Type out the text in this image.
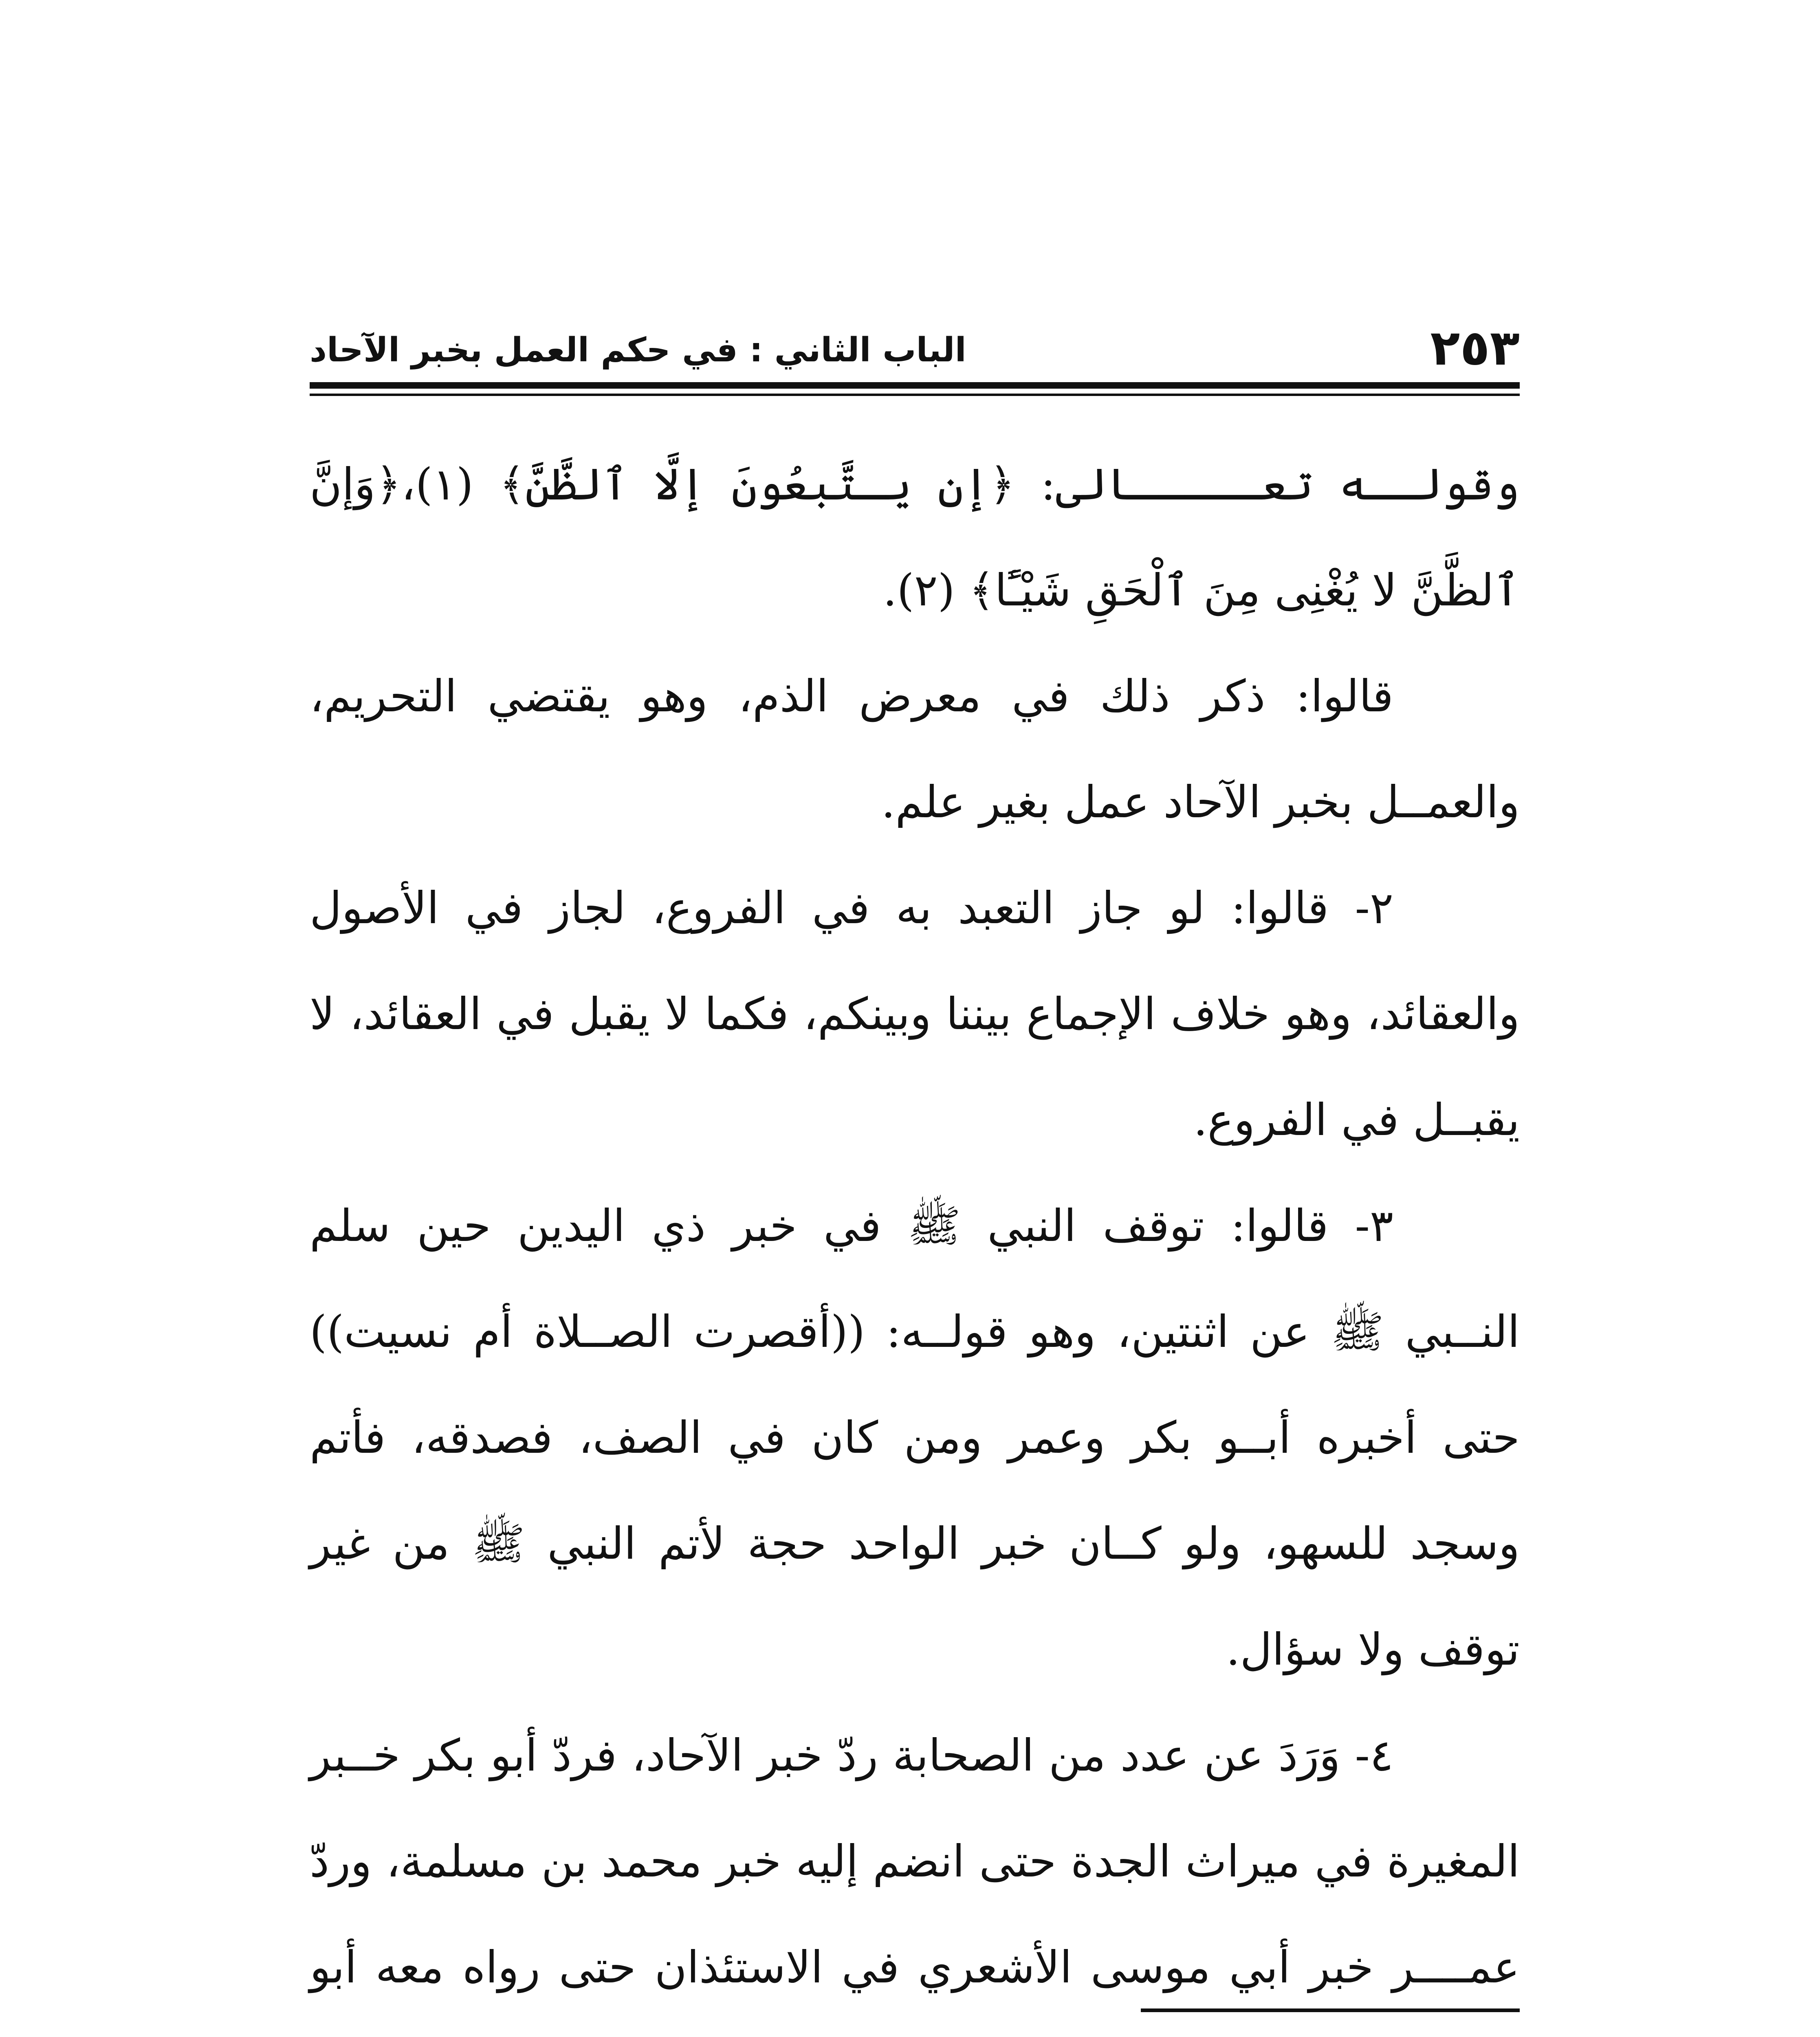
٢٥٣
الباب الثاني : في حكم العمل بخبر الآحاد

وقولــه تعـــــالى: ﴿إن يـتَّبعُونَ إلَّا ٱلظَّنَّ﴾ (١)،﴿وَإنَّ ٱلظَّنَّ لا يُغْنِى مِنَ ٱلْحَقِ شَيْـًٔا﴾ (٢).

قالوا: ذكر ذلك في معرض الذم، وهو يقتضي التحريم، والعمــل بخبر الآحاد عمل بغير علم.

٢- قالوا: لو جاز التعبد به في الفروع، لجاز في الأصول والعقائد، وهو خلاف الإجماع بيننا وبينكم، فكما لا يقبل في العقائد، لا يقبــل في الفروع.

٣- قالوا: توقف النبي ﷺ في خبر ذي اليدين حين سلم النــبي ﷺ عن اثنتين، وهو قولــه: ((أقصرت الصــلاة أم نسيت)) حتى أخبره أبــو بكر وعمر ومن كان في الصف، فصدقه، فأتم وسجد للسهو، ولو كــان خبر الواحد حجة لأتم النبي ﷺ من غير توقف ولا سؤال.

٤- وَرَدَ عن عدد من الصحابة ردّ خبر الآحاد، فردّ أبو بكر خــبر المغيرة في ميراث الجدة حتى انضم إليه خبر محمد بن مسلمة، وردّ عمــــر خبر أبي موسى الأشعري في الاستئذان حتى رواه معه أبو
